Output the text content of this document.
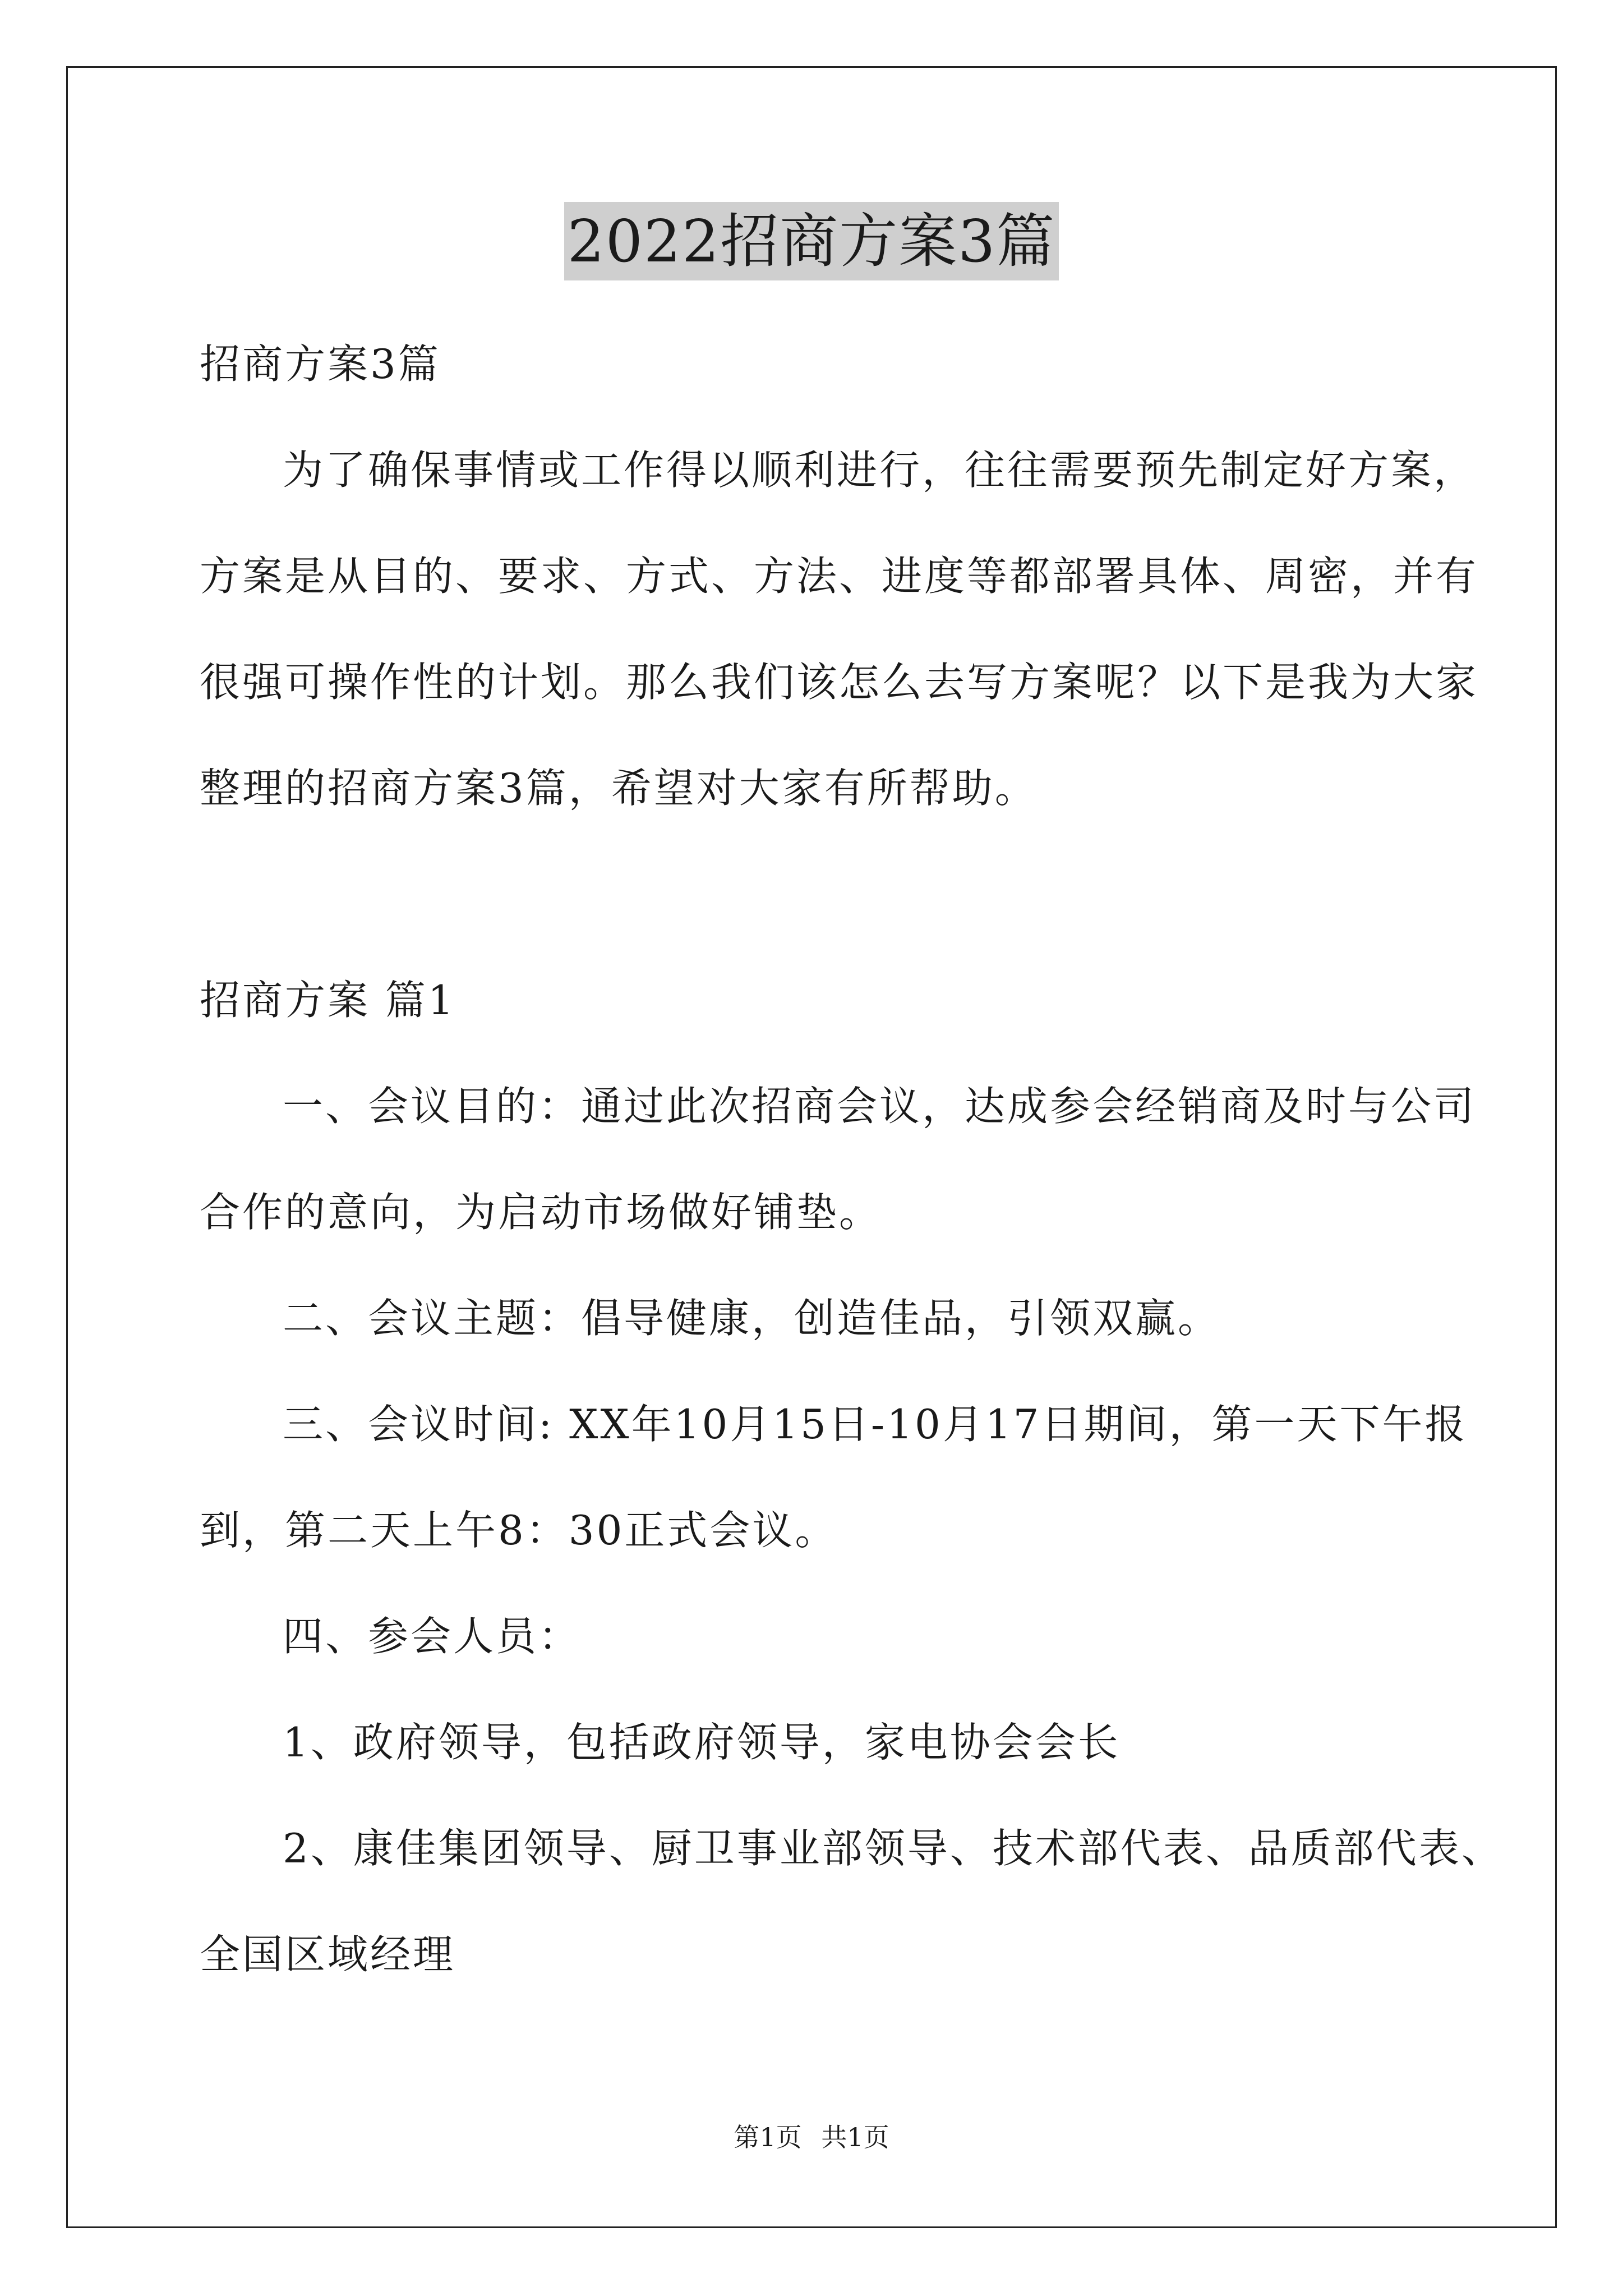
2022招商方案3篇
招商方案3篇
为了确保事情或工作得以顺利进行，往往需要预先制定好方案，
方案是从目的、要求、方式、方法、进度等都部署具体、周密，并有
很强可操作性的计划。那么我们该怎么去写方案呢？以下是我为大家
整理的招商方案3篇，希望对大家有所帮助。
招商方案 篇1
一、会议目的：通过此次招商会议，达成参会经销商及时与公司
合作的意向，为启动市场做好铺垫。
二、会议主题：倡导健康，创造佳品，引领双赢。
三、会议时间: XX年10月15日-10月17日期间，第一天下午报
到，第二天上午8：30正式会议。
四、参会人员：
1、政府领导，包括政府领导，家电协会会长
2、康佳集团领导、厨卫事业部领导、技术部代表、品质部代表、
全国区域经理
第1页 共1页
